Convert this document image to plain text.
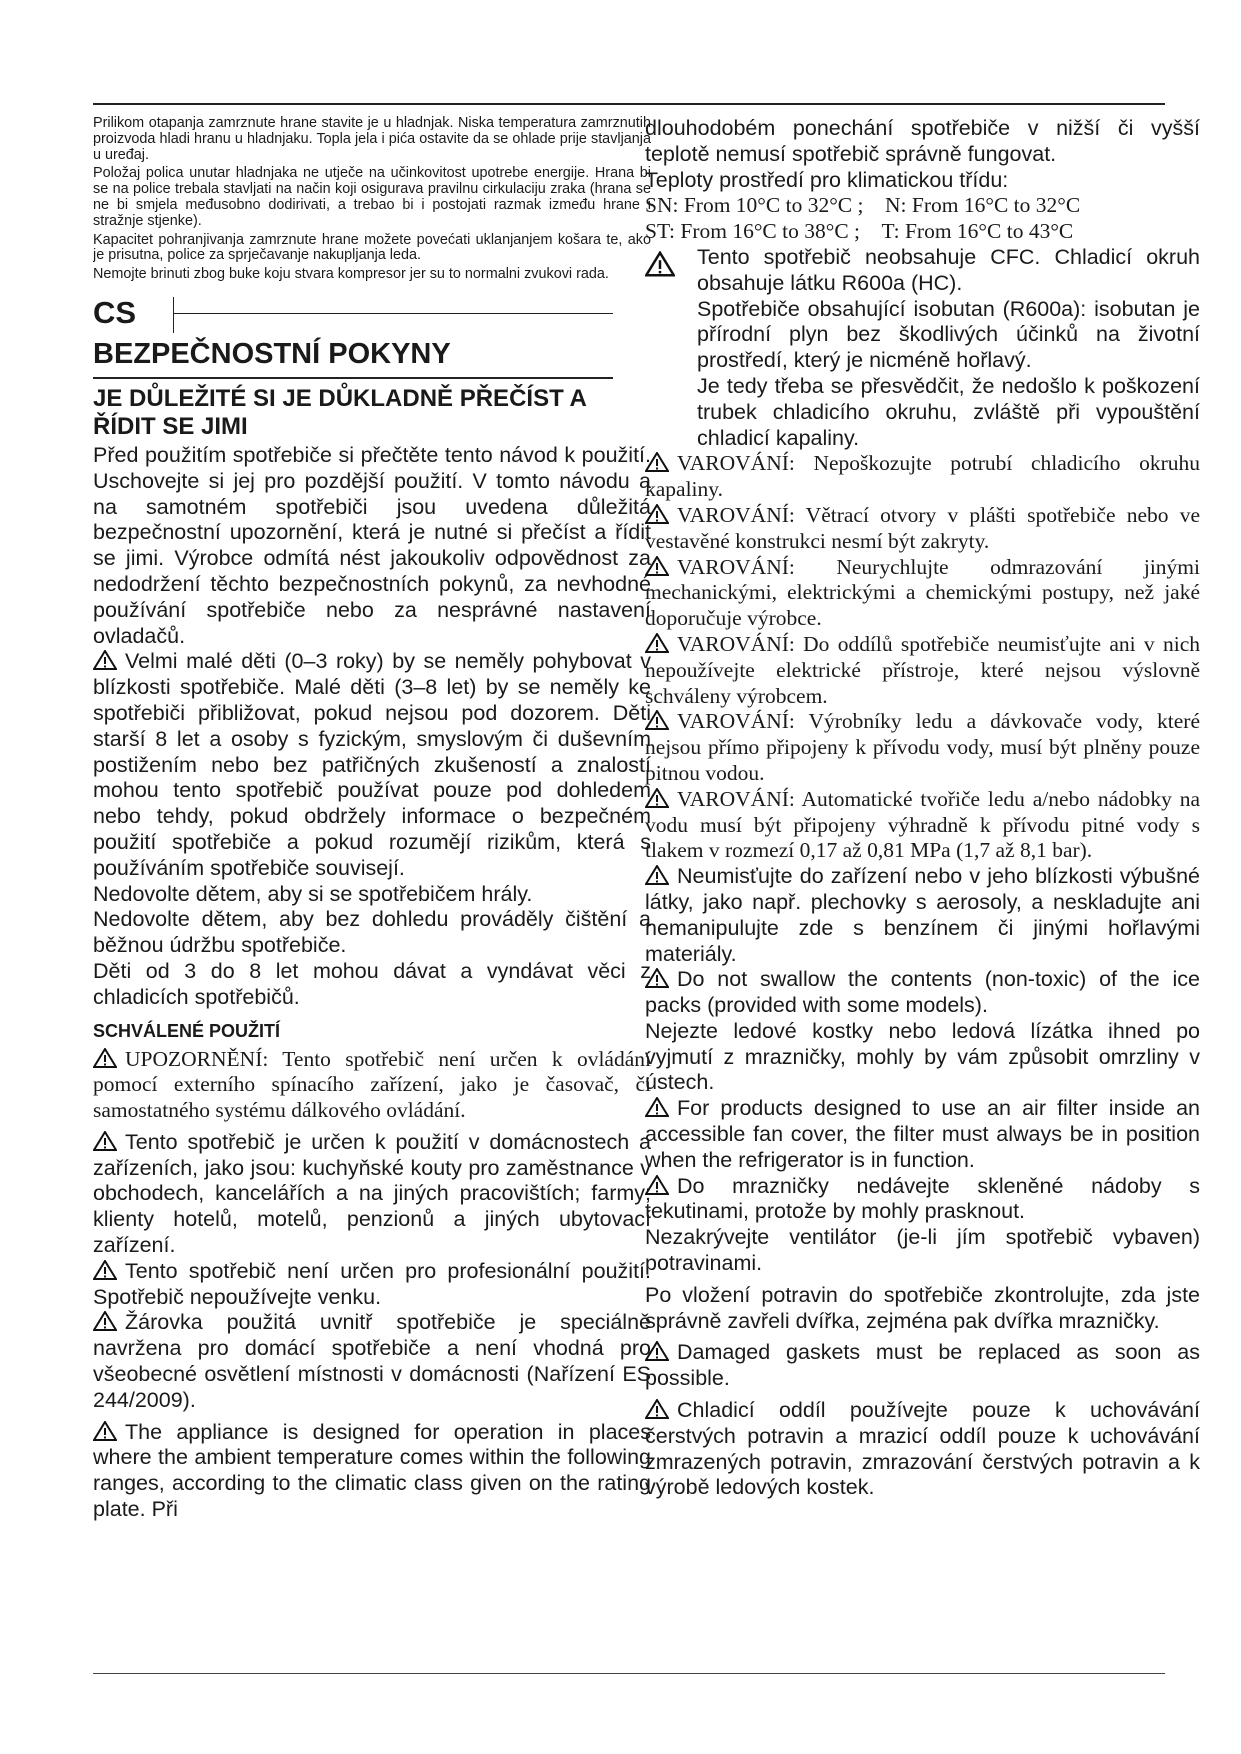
Prilikom otapanja zamrznute hrane stavite je u hladnjak. Niska temperatura zamrznutih proizvoda hladi hranu u hladnjaku. Topla jela i pića ostavite da se ohlade prije stavljanja u uređaj.

Položaj polica unutar hladnjaka ne utječe na učinkovitost upotrebe energije. Hrana bi se na police trebala stavljati na način koji osigurava pravilnu cirkulaciju zraka (hrana se ne bi smjela međusobno dodirivati, a trebao bi i postojati razmak između hrane i stražnje stjenke).

Kapacitet pohranjivanja zamrznute hrane možete povećati uklanjanjem košara te, ako je prisutna, police za sprječavanje nakupljanja leda.

Nemojte brinuti zbog buke koju stvara kompresor jer su to normalni zvukovi rada.

CS
BEZPEČNOSTNÍ POKYNY
JE DŮLEŽITÉ SI JE DŮKLADNĚ PŘEČÍST A ŘÍDIT SE JIMI

Před použitím spotřebiče si přečtěte tento návod k použití. Uschovejte si jej pro pozdější použití. V tomto návodu a na samotném spotřebiči jsou uvedena důležitá bezpečnostní upozornění, která je nutné si přečíst a řídit se jimi. Výrobce odmítá nést jakoukoliv odpovědnost za nedodržení těchto bezpečnostních pokynů, za nevhodné používání spotřebiče nebo za nesprávné nastavení ovladačů.

Velmi malé děti (0–3 roky) by se neměly pohybovat v blízkosti spotřebiče. Malé děti (3–8 let) by se neměly ke spotřebiči přibližovat, pokud nejsou pod dozorem. Děti starší 8 let a osoby s fyzickým, smyslovým či duševním postižením nebo bez patřičných zkušeností a znalostí mohou tento spotřebič používat pouze pod dohledem nebo tehdy, pokud obdržely informace o bezpečném použití spotřebiče a pokud rozumějí rizikům, která s používáním spotřebiče souvisejí.

Nedovolte dětem, aby si se spotřebičem hrály.

Nedovolte dětem, aby bez dohledu prováděly čištění a běžnou údržbu spotřebiče.

Děti od 3 do 8 let mohou dávat a vyndávat věci z chladicích spotřebičů.

SCHVÁLENÉ POUŽITÍ

UPOZORNĚNÍ: Tento spotřebič není určen k ovládání pomocí externího spínacího zařízení, jako je časovač, či samostatného systému dálkového ovládání.

Tento spotřebič je určen k použití v domácnostech a zařízeních, jako jsou: kuchyňské kouty pro zaměstnance v obchodech, kancelářích a na jiných pracovištích; farmy; klienty hotelů, motelů, penzionů a jiných ubytovací zařízení.

Tento spotřebič není určen pro profesionální použití. Spotřebič nepoužívejte venku.

Žárovka použitá uvnitř spotřebiče je speciálně navržena pro domácí spotřebiče a není vhodná pro všeobecné osvětlení místnosti v domácnosti (Nařízení ES 244/2009).

The appliance is designed for operation in places where the ambient temperature comes within the following ranges, according to the climatic class given on the rating plate. Při

dlouhodobém ponechání spotřebiče v nižší či vyšší teplotě nemusí spotřebič správně fungovat.

Teploty prostředí pro klimatickou třídu:

SN: From 10°C to 32°C ; N: From 16°C to 32°C

ST: From 16°C to 38°C ; T: From 16°C to 43°C

Tento spotřebič neobsahuje CFC. Chladicí okruh obsahuje látku R600a (HC).

Spotřebiče obsahující isobutan (R600a): isobutan je přírodní plyn bez škodlivých účinků na životní prostředí, který je nicméně hořlavý.

Je tedy třeba se přesvědčit, že nedošlo k poškození trubek chladicího okruhu, zvláště při vypouštění chladicí kapaliny.

VAROVÁNÍ: Nepoškozujte potrubí chladicího okruhu kapaliny.

VAROVÁNÍ: Větrací otvory v plášti spotřebiče nebo ve vestavěné konstrukci nesmí být zakryty.

VAROVÁNÍ: Neurychlujte odmrazování jinými mechanickými, elektrickými a chemickými postupy, než jaké doporučuje výrobce.

VAROVÁNÍ: Do oddílů spotřebiče neumisťujte ani v nich nepoužívejte elektrické přístroje, které nejsou výslovně schváleny výrobcem.

VAROVÁNÍ: Výrobníky ledu a dávkovače vody, které nejsou přímo připojeny k přívodu vody, musí být plněny pouze pitnou vodou.

VAROVÁNÍ: Automatické tvořiče ledu a/nebo nádobky na vodu musí být připojeny výhradně k přívodu pitné vody s tlakem v rozmezí 0,17 až 0,81 MPa (1,7 až 8,1 bar).

Neumisťujte do zařízení nebo v jeho blízkosti výbušné látky, jako např. plechovky s aerosoly, a neskladujte ani nemanipulujte zde s benzínem či jinými hořlavými materiály.

Do not swallow the contents (non-toxic) of the ice packs (provided with some models).

Nejezte ledové kostky nebo ledová lízátka ihned po vyjmutí z mrazničky, mohly by vám způsobit omrzliny v ústech.

For products designed to use an air filter inside an accessible fan cover, the filter must always be in position when the refrigerator is in function.

Do mrazničky nedávejte skleněné nádoby s tekutinami, protože by mohly prasknout.

Nezakrývejte ventilátor (je-li jím spotřebič vybaven) potravinami.

Po vložení potravin do spotřebiče zkontrolujte, zda jste správně zavřeli dvířka, zejména pak dvířka mrazničky.

Damaged gaskets must be replaced as soon as possible.

Chladicí oddíl používejte pouze k uchovávání čerstvých potravin a mrazicí oddíl pouze k uchovávání zmrazených potravin, zmrazování čerstvých potravin a k výrobě ledových kostek.
